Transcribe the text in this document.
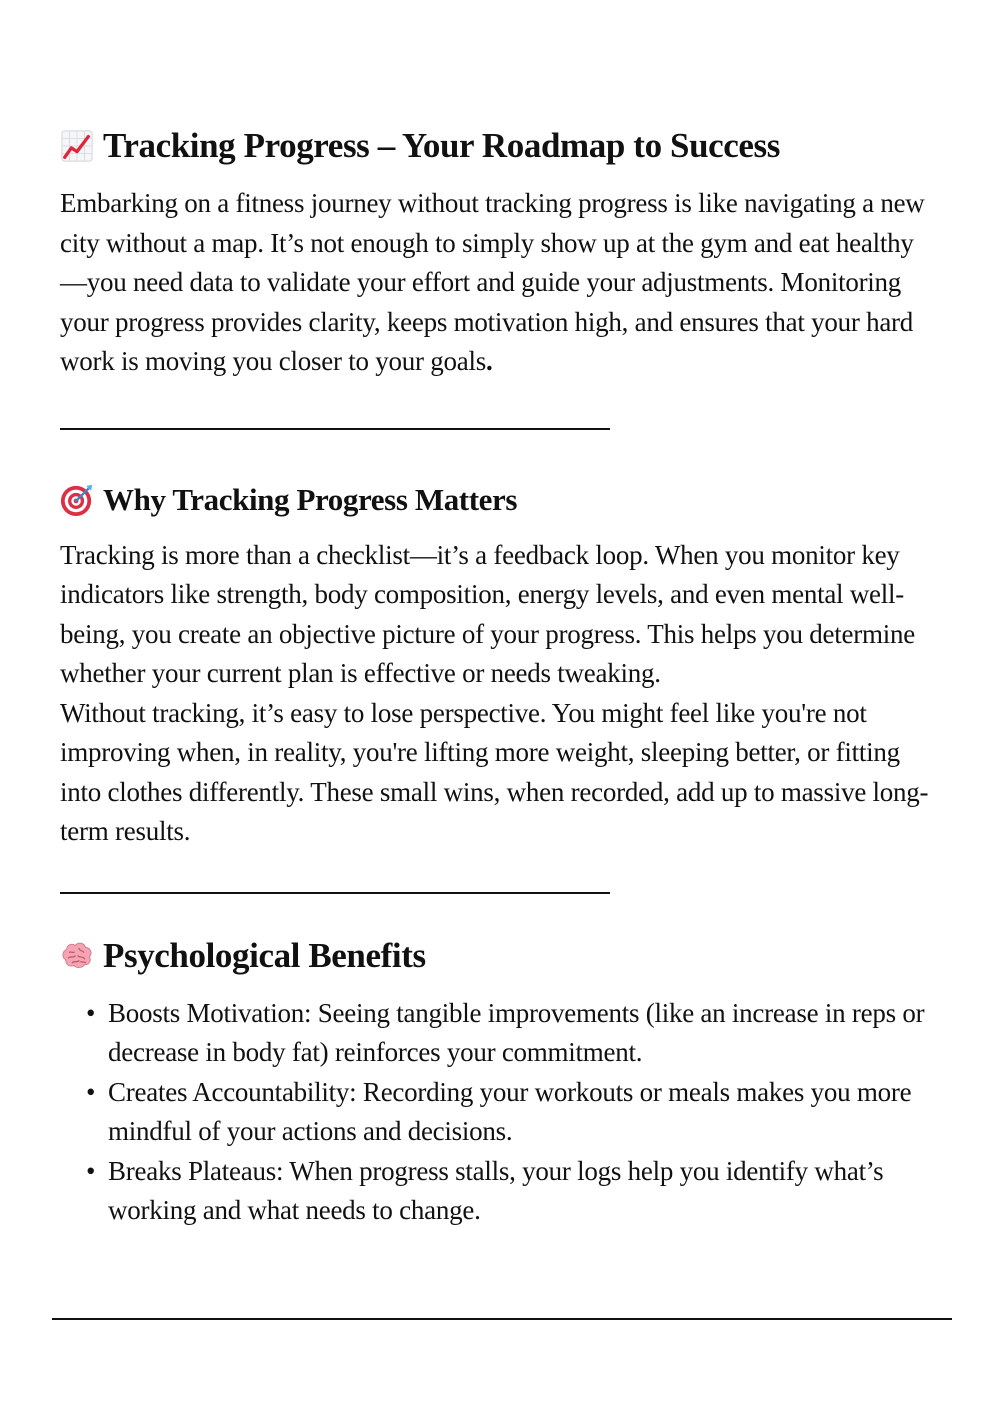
Tracking Progress – Your Roadmap to Success

Embarking on a fitness journey without tracking progress is like navigating a new city without a map. It’s not enough to simply show up at the gym and eat healthy—you need data to validate your effort and guide your adjustments. Monitoring your progress provides clarity, keeps motivation high, and ensures that your hard work is moving you closer to your goals.

Why Tracking Progress Matters

Tracking is more than a checklist—it’s a feedback loop. When you monitor key indicators like strength, body composition, energy levels, and even mental well-being, you create an objective picture of your progress. This helps you determine whether your current plan is effective or needs tweaking.

Without tracking, it’s easy to lose perspective. You might feel like you're not improving when, in reality, you're lifting more weight, sleeping better, or fitting into clothes differently. These small wins, when recorded, add up to massive long-term results.

Psychological Benefits
• Boosts Motivation: Seeing tangible improvements (like an increase in reps or decrease in body fat) reinforces your commitment.
• Creates Accountability: Recording your workouts or meals makes you more mindful of your actions and decisions.
• Breaks Plateaus: When progress stalls, your logs help you identify what’s working and what needs to change.
